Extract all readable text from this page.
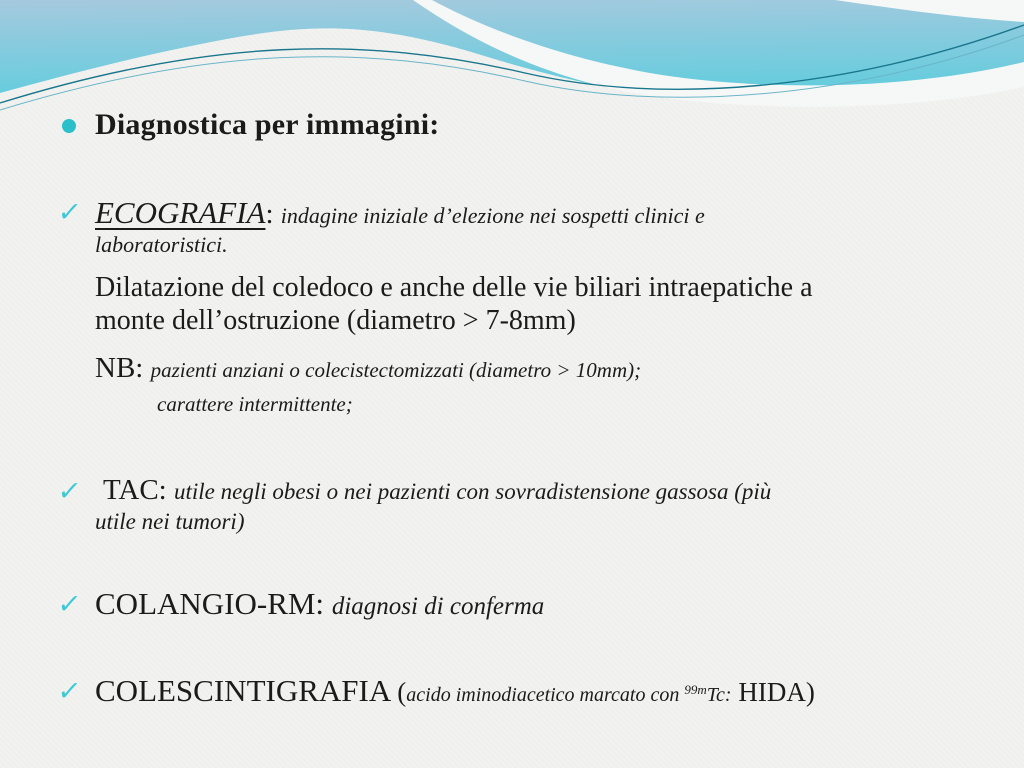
Diagnostica per immagini:
✓ ECOGRAFIA: indagine iniziale d’elezione nei sospetti clinici e
laboratoristici.
Dilatazione del coledoco e anche delle vie biliari intraepatiche a
monte dell’ostruzione (diametro > 7-8mm)
NB: pazienti anziani o colecistectomizzati (diametro > 10mm);
carattere intermittente;
✓ TAC: utile negli obesi o nei pazienti con sovradistensione gassosa (più
utile nei tumori)
✓ COLANGIO-RM: diagnosi di conferma
✓ COLESCINTIGRAFIA (acido iminodiacetico marcato con $^{99m}$Tc: HIDA)
